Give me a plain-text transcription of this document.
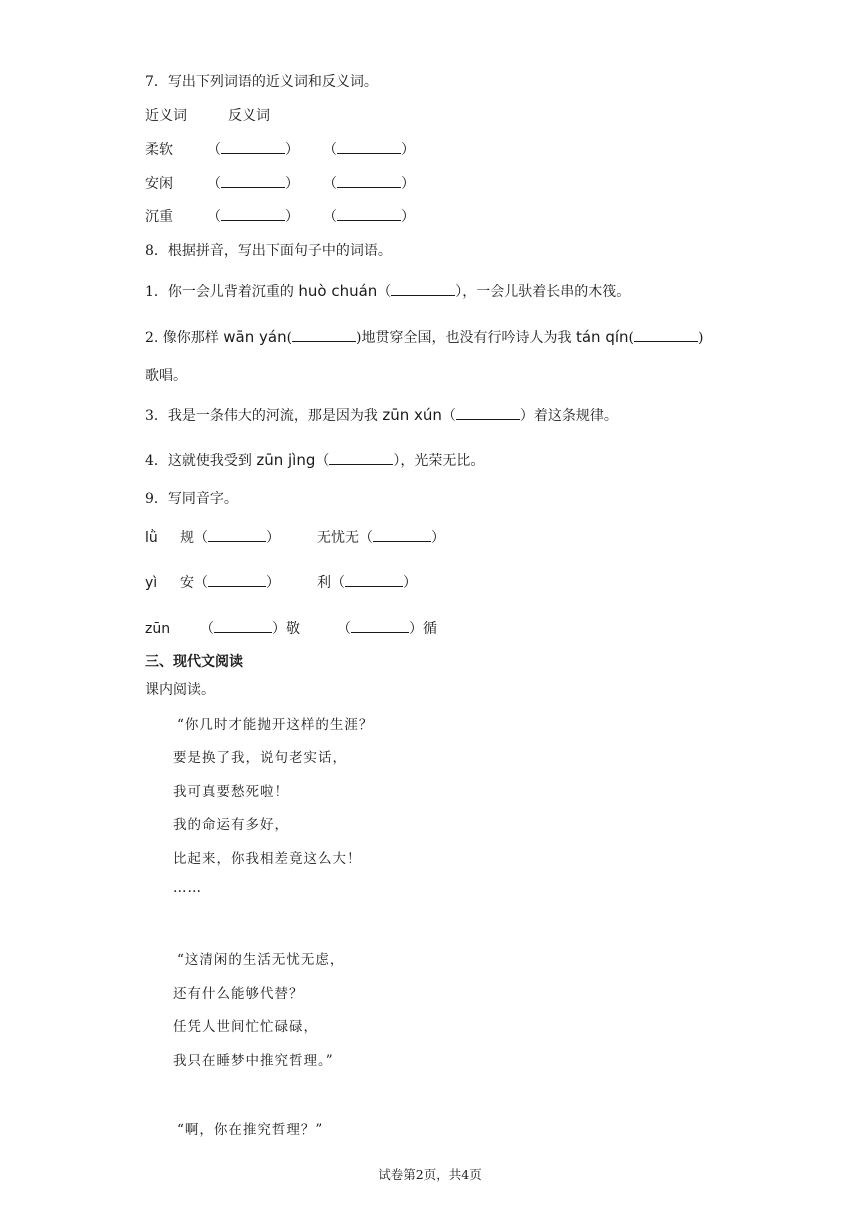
7．写出下列词语的近义词和反义词。
近义词	反义词
柔软 （	） （	）
安闲 （	） （	）
沉重 （	） （	）
8．根据拼音，写出下面句子中的词语。
1．你一会儿背着沉重的 huò chuán（	），一会儿驮着长串的木筏。
2. 像你那样 wān yán(	)地贯穿全国，也没有行吟诗人为我 tán qín(	)
歌唱。
3．我是一条伟大的河流，那是因为我 zūn xún（	）着这条规律。
4．这就使我受到 zūn jìng（	），光荣无比。
9．写同音字。
lǜ 规（	）	无忧无（	）
yì 安（	）	利（	）
zūn （	）敬	（	）循
三、现代文阅读
课内阅读。
“你几时才能抛开这样的生涯？
要是换了我，说句老实话，
我可真要愁死啦！
我的命运有多好，
比起来，你我相差竟这么大！
……
“这清闲的生活无忧无虑，
还有什么能够代替？
任凭人世间忙忙碌碌，
我只在睡梦中推究哲理。”
“啊，你在推究哲理？”
试卷第2页，共4页
